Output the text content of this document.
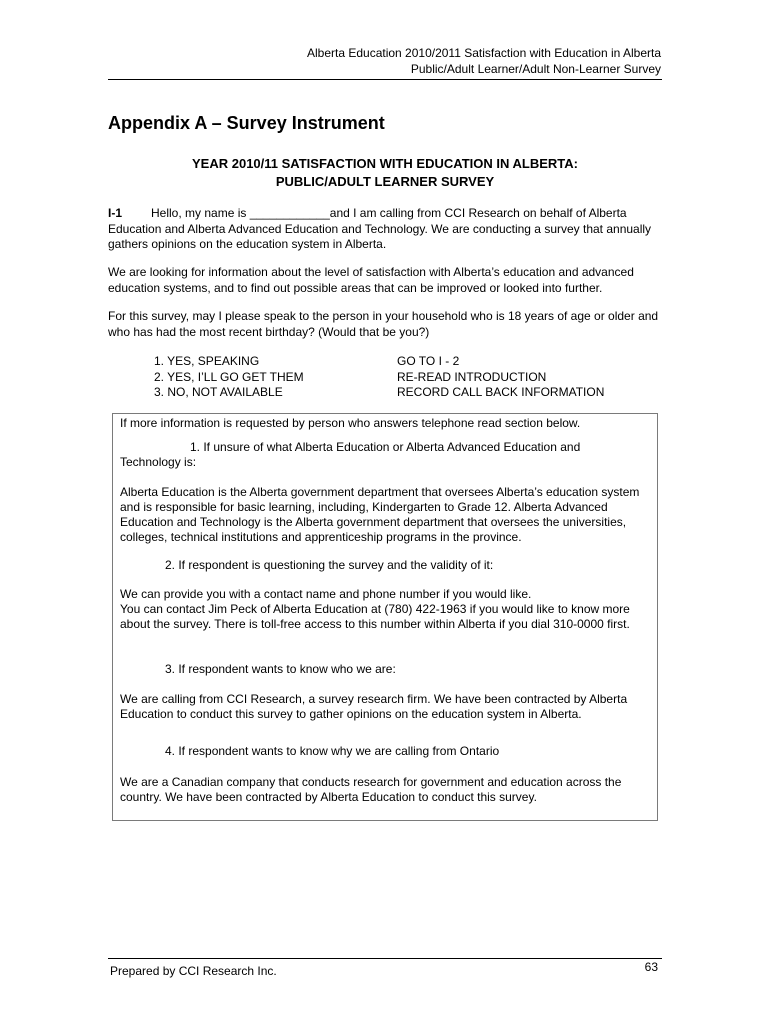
Alberta Education 2010/2011 Satisfaction with Education in Alberta
Public/Adult Learner/Adult Non-Learner Survey
Appendix A – Survey Instrument
YEAR 2010/11 SATISFACTION WITH EDUCATION IN ALBERTA:
PUBLIC/ADULT LEARNER SURVEY
I-1 Hello, my name is ____________and I am calling from CCI Research on behalf of Alberta Education and Alberta Advanced Education and Technology. We are conducting a survey that annually gathers opinions on the education system in Alberta.
We are looking for information about the level of satisfaction with Alberta’s education and advanced education systems, and to find out possible areas that can be improved or looked into further.
For this survey, may I please speak to the person in your household who is 18 years of age or older and who has had the most recent birthday? (Would that be you?)
1. YES, SPEAKING
2. YES, I’LL GO GET THEM
3. NO, NOT AVAILABLE
GO TO I - 2
RE-READ INTRODUCTION
RECORD CALL BACK INFORMATION
If more information is requested by person who answers telephone read section below.
1. If unsure of what Alberta Education or Alberta Advanced Education and
Technology is:
Alberta Education is the Alberta government department that oversees Alberta’s education system and is responsible for basic learning, including, Kindergarten to Grade 12. Alberta Advanced Education and Technology is the Alberta government department that oversees the universities, colleges, technical institutions and apprenticeship programs in the province.
2. If respondent is questioning the survey and the validity of it:
We can provide you with a contact name and phone number if you would like.
You can contact Jim Peck of Alberta Education at (780) 422-1963 if you would like to know more about the survey. There is toll-free access to this number within Alberta if you dial 310-0000 first.
3. If respondent wants to know who we are:
We are calling from CCI Research, a survey research firm. We have been contracted by Alberta Education to conduct this survey to gather opinions on the education system in Alberta.
4. If respondent wants to know why we are calling from Ontario
We are a Canadian company that conducts research for government and education across the country. We have been contracted by Alberta Education to conduct this survey.
Prepared by CCI Research Inc.	63
